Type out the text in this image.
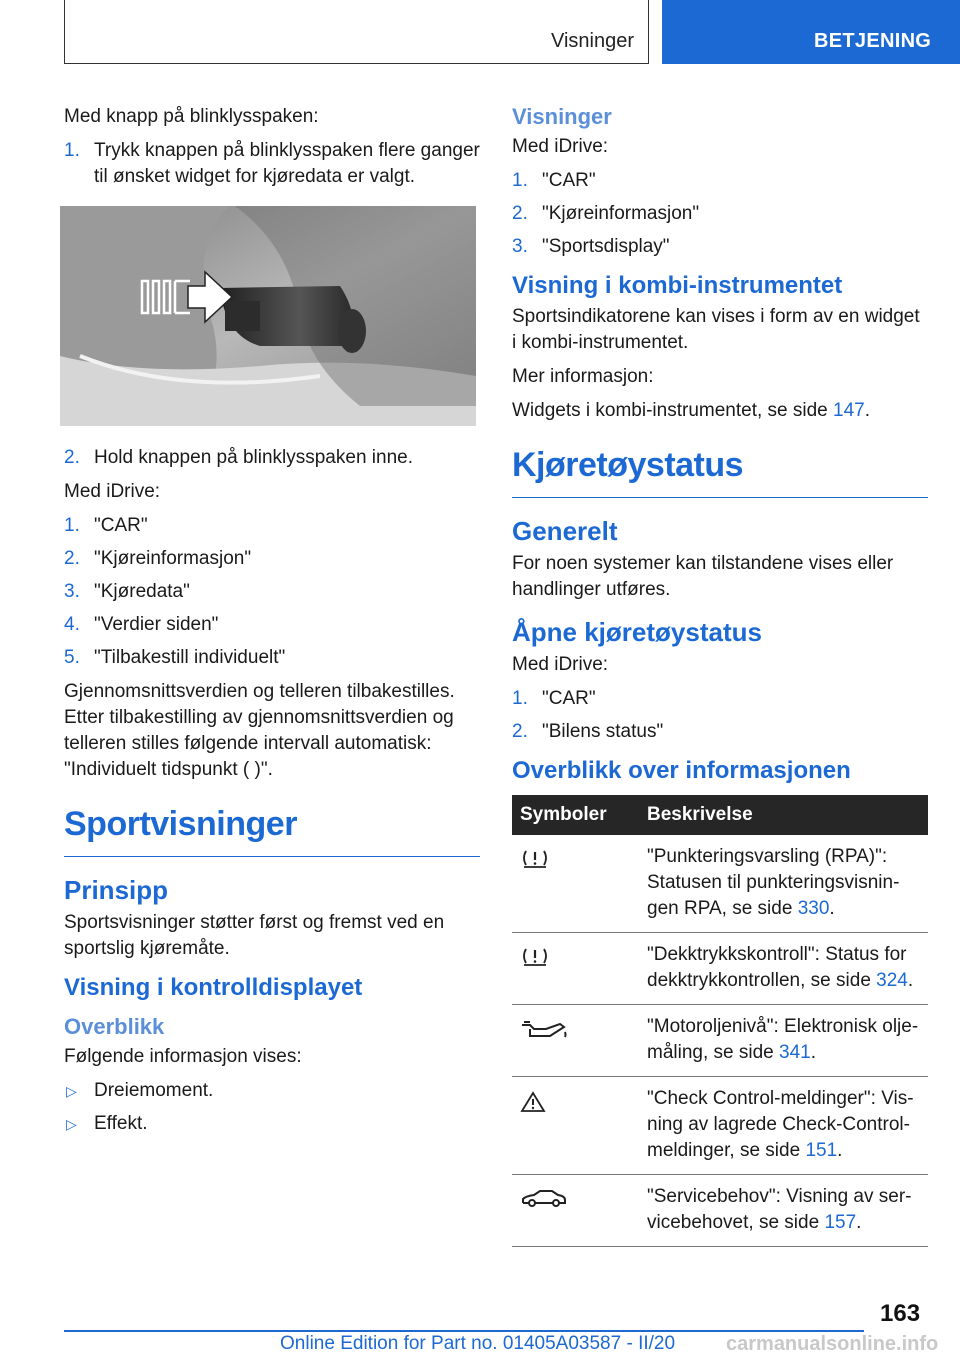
Visninger	BETJENING

Med knapp på blinklysspaken:

1. Trykk knappen på blinklysspaken flere ganger til ønsket widget for kjøredata er valgt.
2. Hold knappen på blinklysspaken inne.

Med iDrive:

1. "CAR"
2. "Kjøreinformasjon"
3. "Kjøredata"
4. "Verdier siden"
5. "Tilbakestill individuelt"

Gjennomsnittsverdien og telleren tilbakestilles. Etter tilbakestilling av gjennomsnittsverdien og telleren stilles følgende intervall automatisk: "Individuelt tidspunkt ( )".

Sportvisninger
Prinsipp

Sportsvisninger støtter først og fremst ved en sportslig kjøremåte.

Visning i kontrolldisplayet
Overblikk

Følgende informasjon vises:

▷ Dreiemoment.
▷ Effekt.
Visninger

Med iDrive:

1. "CAR"
2. "Kjøreinformasjon"
3. "Sportsdisplay"
Visning i kombi-instrumentet

Sportsindikatorene kan vises i form av en widget i kombi-instrumentet.

Mer informasjon:

Widgets i kombi-instrumentet, se side 147.

Kjøretøystatus
Generelt

For noen systemer kan tilstandene vises eller handlinger utføres.

Åpne kjøretøystatus

Med iDrive:

1. "CAR"
2. "Bilens status"
Overblikk over informasjonen
Symboler	Beskrivelse
	"Punkteringsvarsling (RPA)": Statusen til punkteringsvisningen RPA, se side 330.
	"Dekktrykkskontroll": Status for dekktrykkontrollen, se side 324.
	"Motoroljenivå": Elektronisk oljemåling, se side 341.
	"Check Control-meldinger": Visning av lagrede Check-Control-meldinger, se side 151.
	"Servicebehov": Visning av servicebehovet, se side 157.
163
Online Edition for Part no. 01405A03587 - II/20	carmanualsonline.info
